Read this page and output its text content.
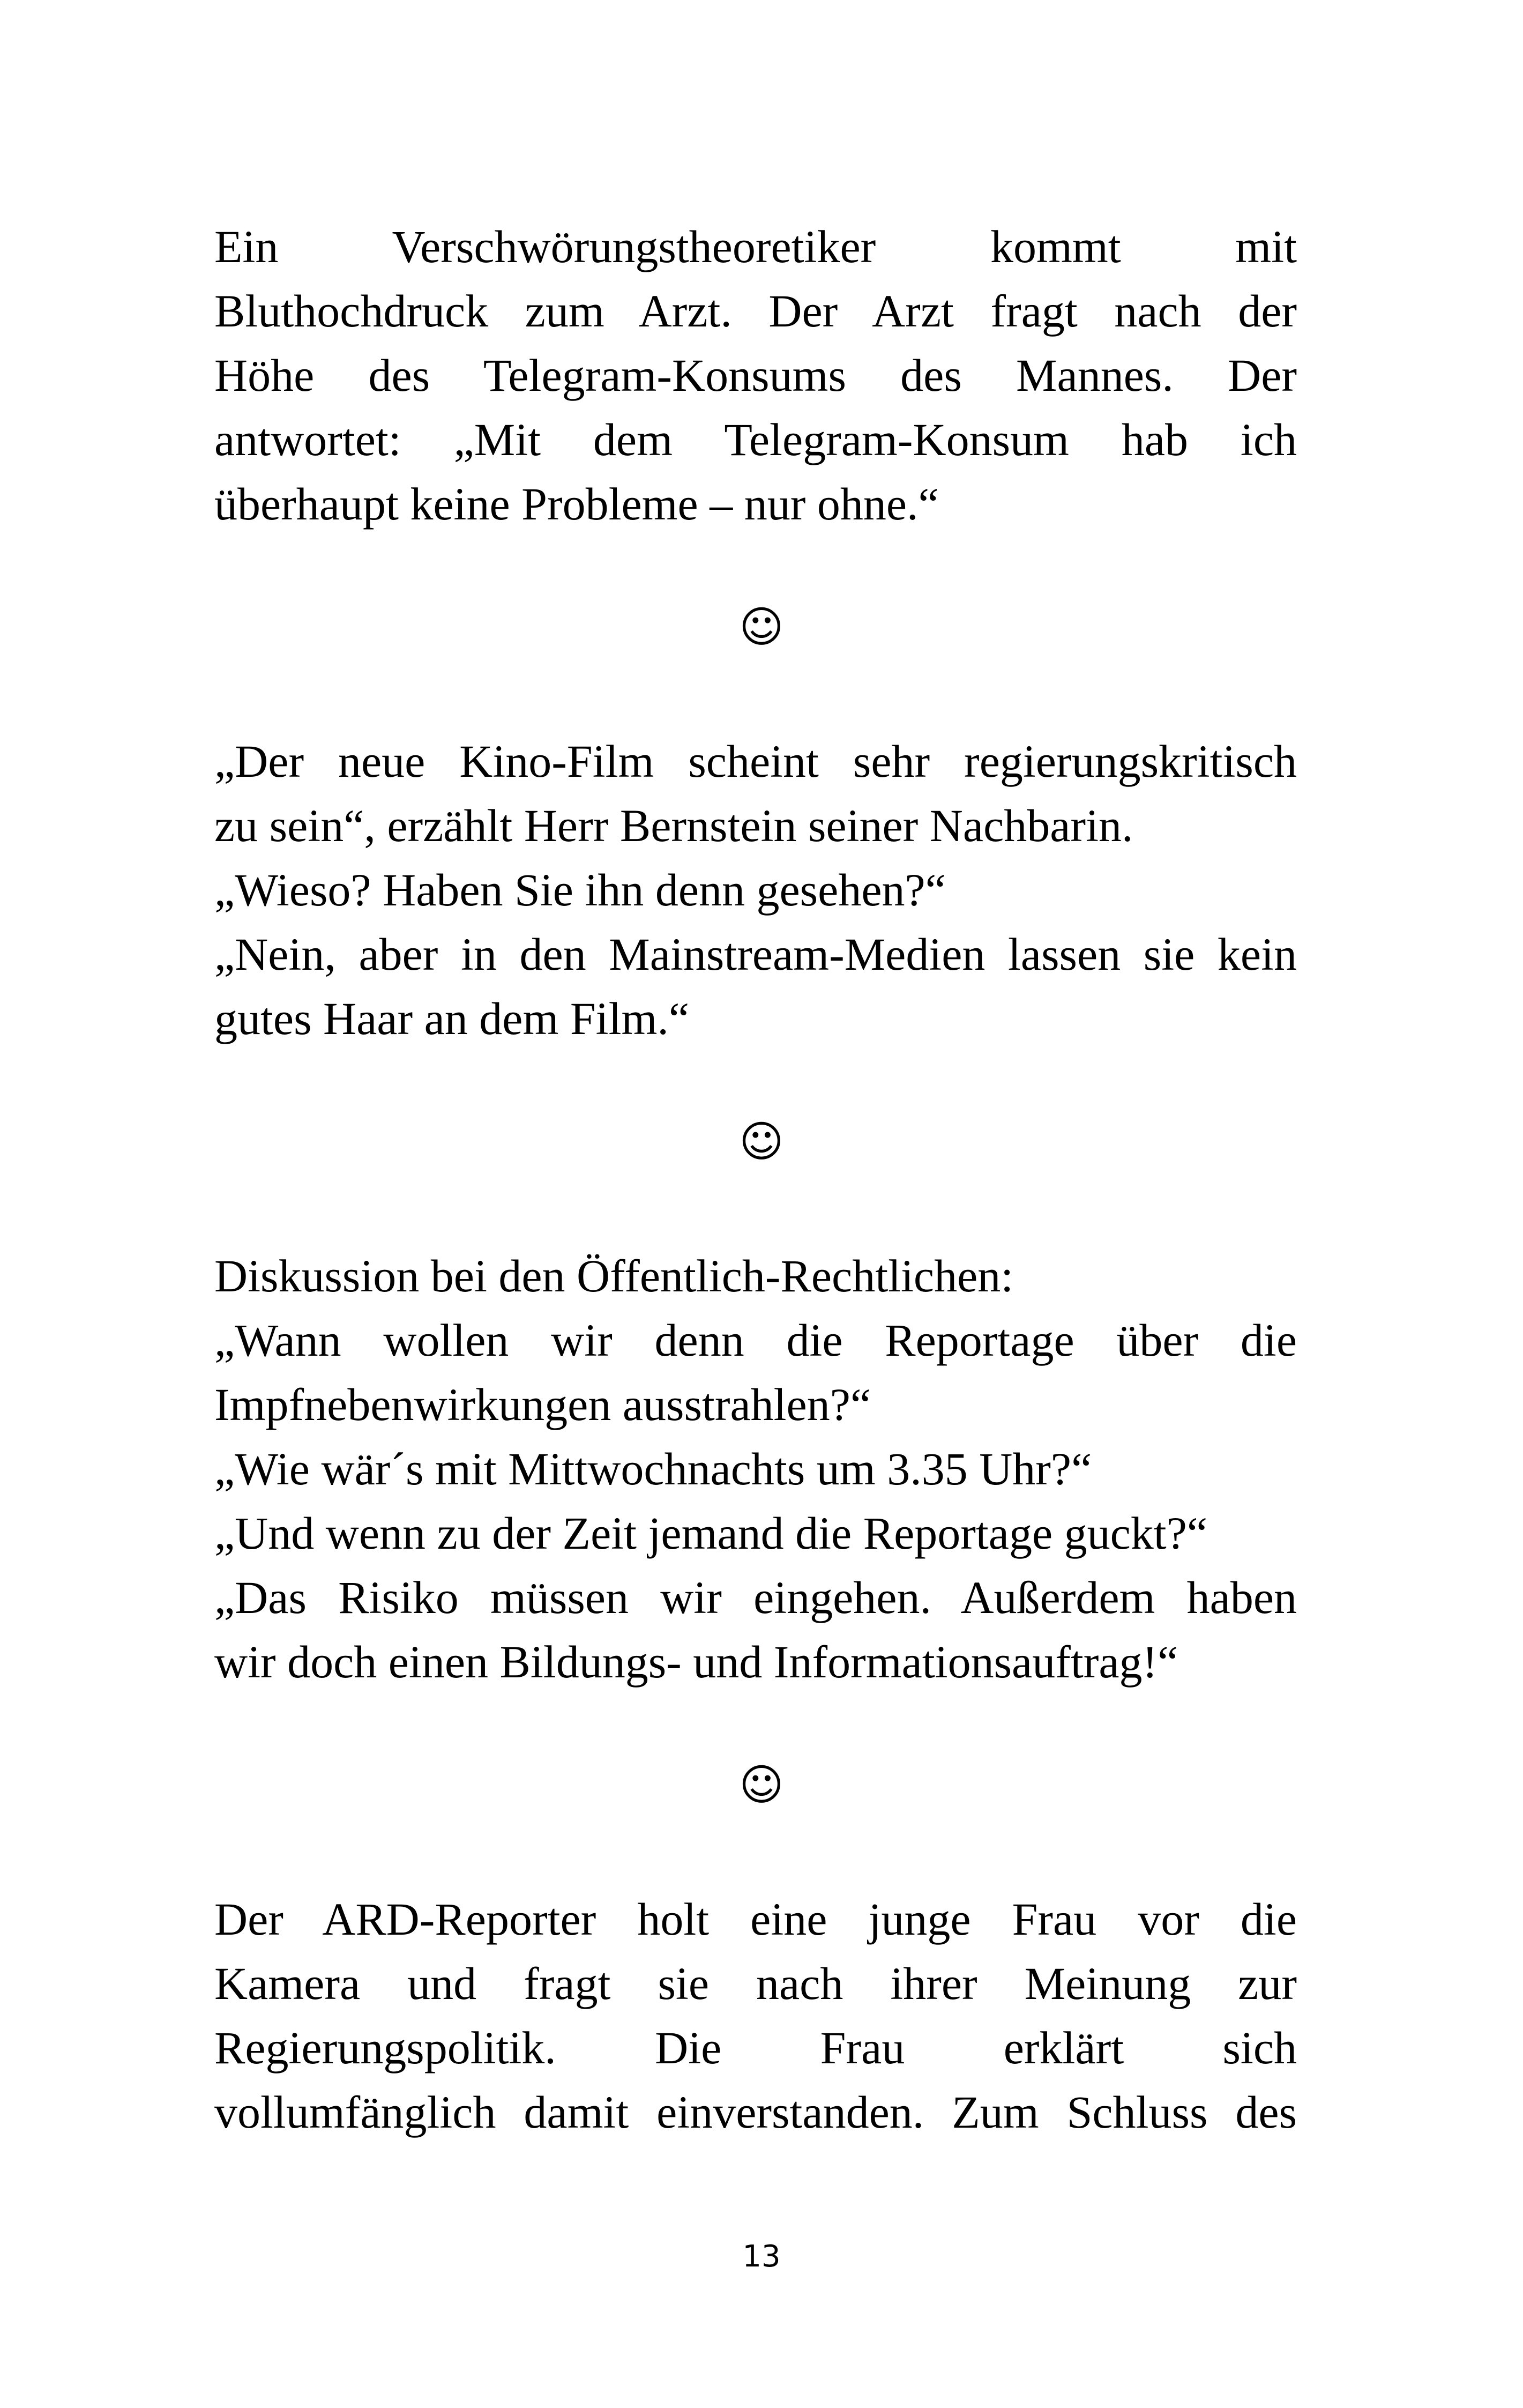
Ein Verschwörungstheoretiker kommt mit
Bluthochdruck zum Arzt. Der Arzt fragt nach der
Höhe des Telegram-Konsums des Mannes. Der
antwortet: „Mit dem Telegram-Konsum hab ich
überhaupt keine Probleme – nur ohne.“
☺
„Der neue Kino-Film scheint sehr regierungskritisch
zu sein“, erzählt Herr Bernstein seiner Nachbarin.
„Wieso? Haben Sie ihn denn gesehen?“
„Nein, aber in den Mainstream-Medien lassen sie kein
gutes Haar an dem Film.“
☺
Diskussion bei den Öffentlich-Rechtlichen:
„Wann wollen wir denn die Reportage über die
Impfnebenwirkungen ausstrahlen?“
„Wie wär´s mit Mittwochnachts um 3.35 Uhr?“
„Und wenn zu der Zeit jemand die Reportage guckt?“
„Das Risiko müssen wir eingehen. Außerdem haben
wir doch einen Bildungs- und Informationsauftrag!“
☺
Der ARD-Reporter holt eine junge Frau vor die
Kamera und fragt sie nach ihrer Meinung zur
Regierungspolitik. Die Frau erklärt sich
vollumfänglich damit einverstanden. Zum Schluss des
13
